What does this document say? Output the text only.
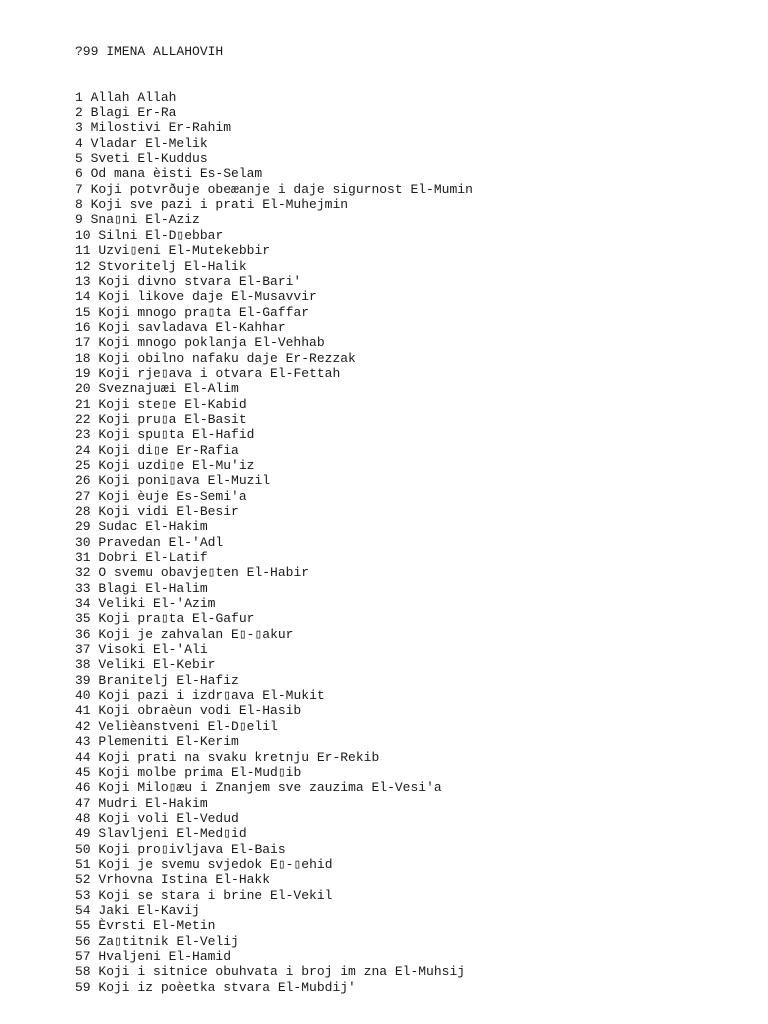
?99 IMENA ALLAHOVIH

1 Allah Allah
2 Blagi Er-Ra
3 Milostivi Er-Rahim
4 Vladar El-Melik
5 Sveti El-Kuddus
6 Od mana èisti Es-Selam
7 Koji potvrðuje obeæanje i daje sigurnost El-Mumin
8 Koji sve pazi i prati El-Muhejmin
9 Sna▯ni El-Aziz
10 Silni El-D▯ebbar
11 Uzvi▯eni El-Mutekebbir
12 Stvoritelj El-Halik
13 Koji divno stvara El-Bari'
14 Koji likove daje El-Musavvir
15 Koji mnogo pra▯ta El-Gaffar
16 Koji savladava El-Kahhar
17 Koji mnogo poklanja El-Vehhab
18 Koji obilno nafaku daje Er-Rezzak
19 Koji rje▯ava i otvara El-Fettah
20 Sveznajuæi El-Alim
21 Koji ste▯e El-Kabid
22 Koji pru▯a El-Basit
23 Koji spu▯ta El-Hafid
24 Koji di▯e Er-Rafia
25 Koji uzdi▯e El-Mu'iz
26 Koji poni▯ava El-Muzil
27 Koji èuje Es-Semi'a
28 Koji vidi El-Besir
29 Sudac El-Hakim
30 Pravedan El-'Adl
31 Dobri El-Latif
32 O svemu obavje▯ten El-Habir
33 Blagi El-Halim
34 Veliki El-'Azim
35 Koji pra▯ta El-Gafur
36 Koji je zahvalan E▯-▯akur
37 Visoki El-'Ali
38 Veliki El-Kebir
39 Branitelj El-Hafiz
40 Koji pazi i izdr▯ava El-Mukit
41 Koji obraèun vodi El-Hasib
42 Velièanstveni El-D▯elil
43 Plemeniti El-Kerim
44 Koji prati na svaku kretnju Er-Rekib
45 Koji molbe prima El-Mud▯ib
46 Koji Milo▯æu i Znanjem sve zauzima El-Vesi'a
47 Mudri El-Hakim
48 Koji voli El-Vedud
49 Slavljeni El-Med▯id
50 Koji pro▯ivljava El-Bais
51 Koji je svemu svjedok E▯-▯ehid
52 Vrhovna Istina El-Hakk
53 Koji se stara i brine El-Vekil
54 Jaki El-Kavij
55 Èvrsti El-Metin
56 Za▯titnik El-Velij
57 Hvaljeni El-Hamid
58 Koji i sitnice obuhvata i broj im zna El-Muhsij
59 Koji iz poèetka stvara El-Mubdij'
